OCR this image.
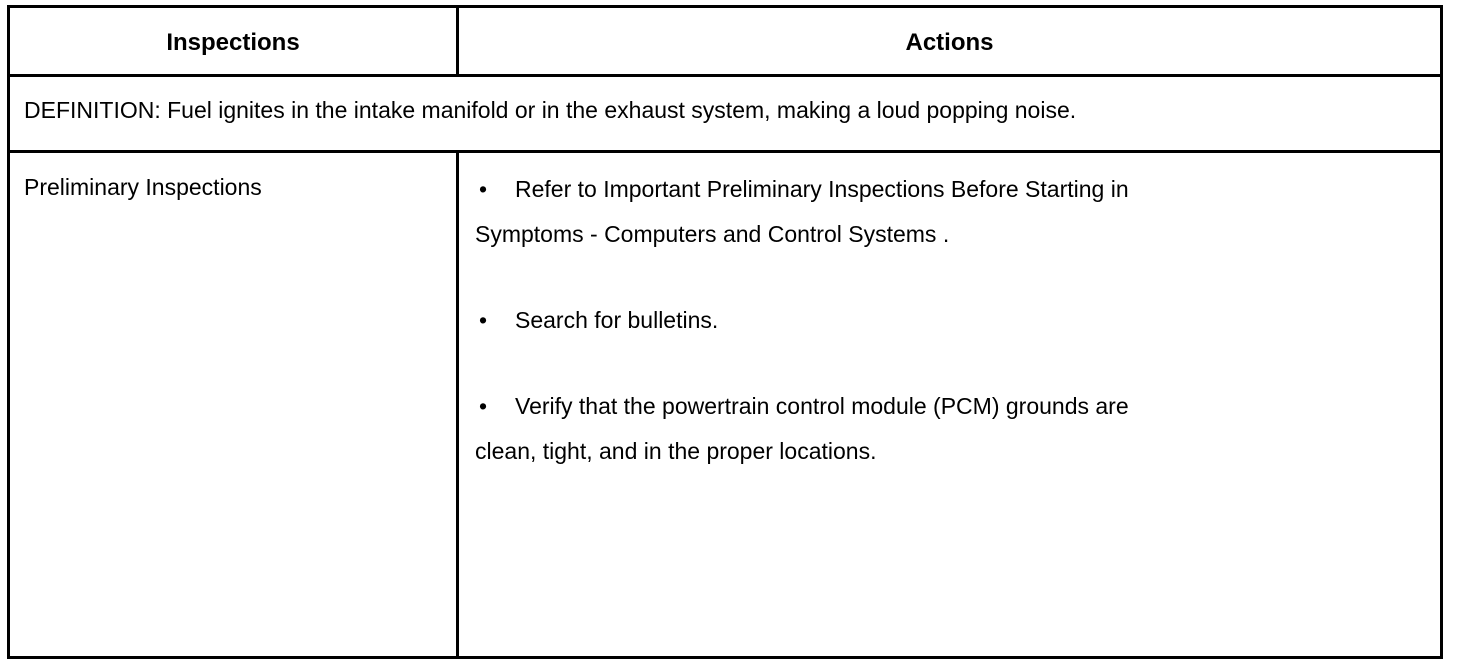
Inspections	Actions
DEFINITION: Fuel ignites in the intake manifold or in the exhaust system, making a loud popping noise.
Preliminary Inspections	• Refer to Important Preliminary Inspections Before Starting in
Symptoms - Computers and Control Systems .
• Search for bulletins.
• Verify that the powertrain control module (PCM) grounds are
clean, tight, and in the proper locations.
